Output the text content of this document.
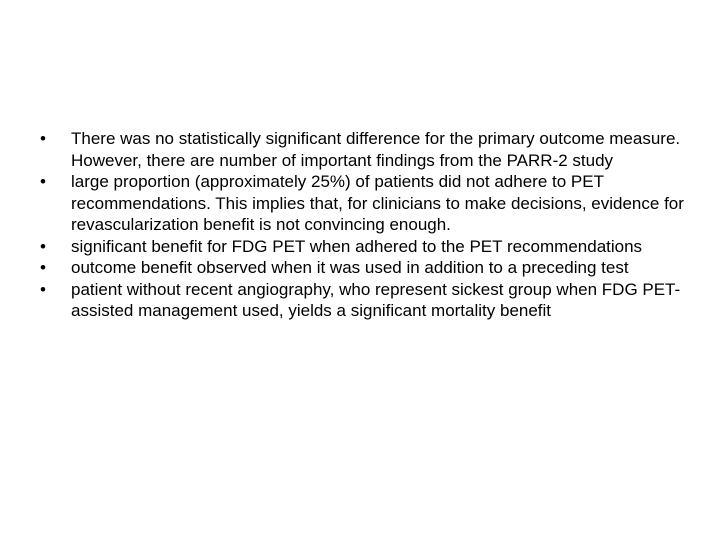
• There was no statistically significant difference for the primary outcome measure. However, there are number of important findings from the PARR-2 study
• large proportion (approximately 25%) of patients did not adhere to PET recommendations. This implies that, for clinicians to make decisions, evidence for revascularization benefit is not convincing enough.
• significant benefit for FDG PET when adhered to the PET recommendations
• outcome benefit observed when it was used in addition to a preceding test
• patient without recent angiography, who represent sickest group when FDG PET-assisted management used, yields a significant mortality benefit
